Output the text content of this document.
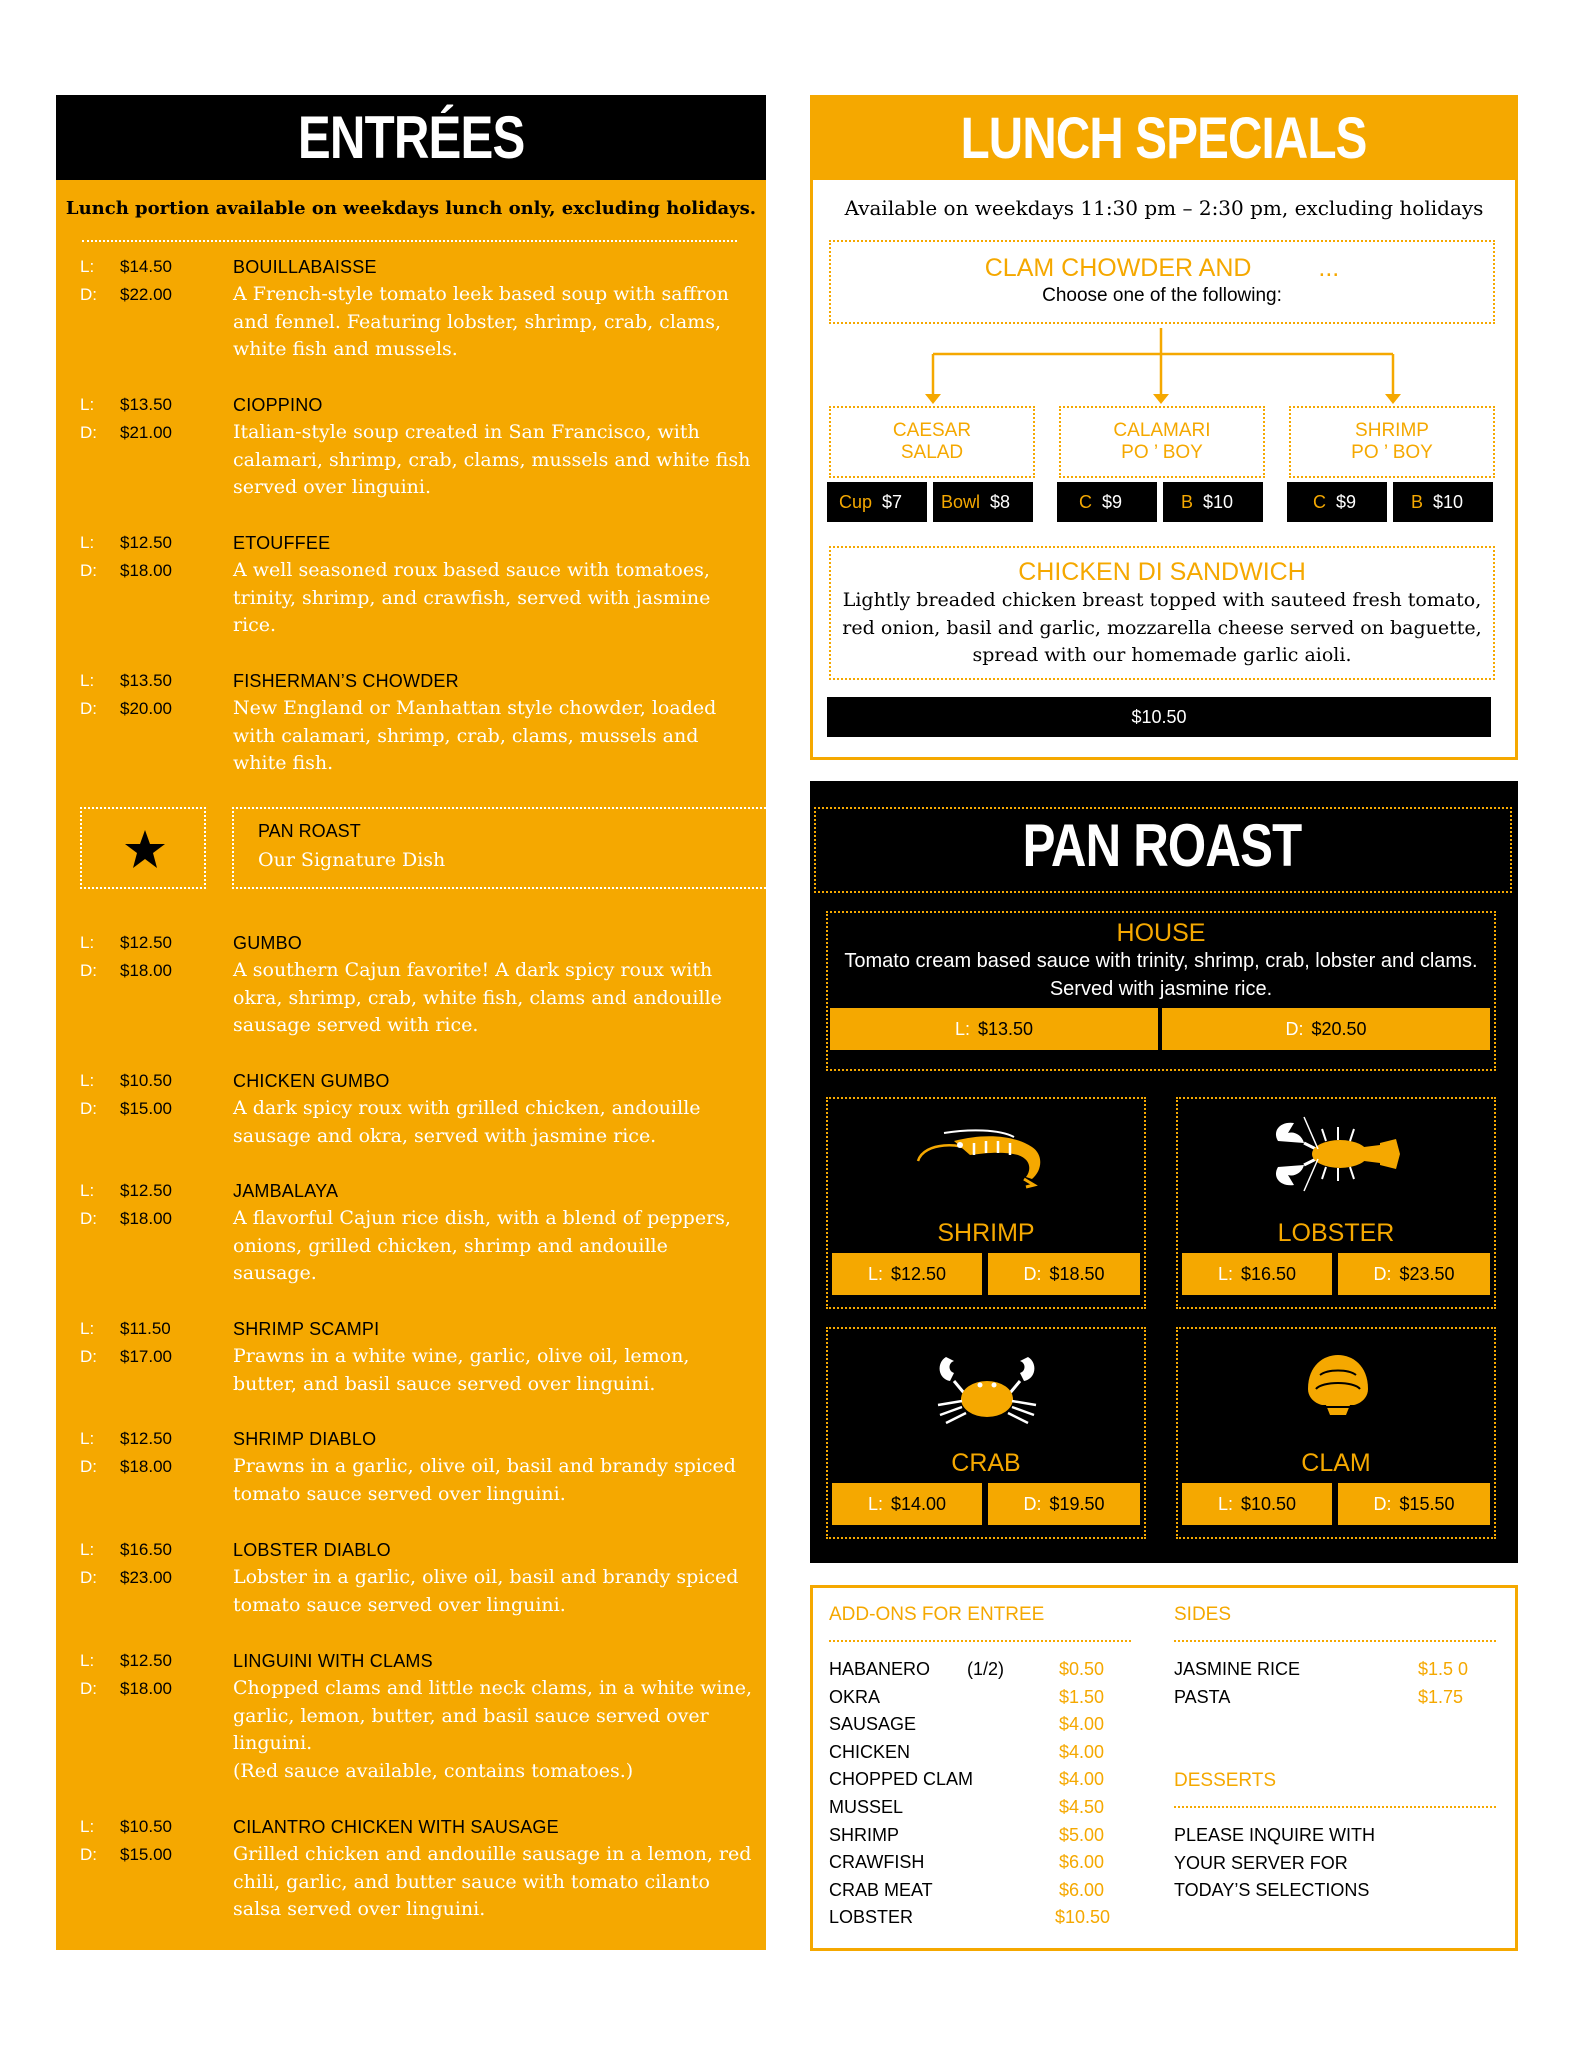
ENTRÉES
Lunch portion available on weekdays lunch only, excluding holidays.
L: $14.50
D: $22.00
BOUILLABAISSE
A French-style tomato leek based soup with saffron and fennel. Featuring lobster, shrimp, crab, clams, white fish and mussels.
L: $13.50
D: $21.00
CIOPPINO
Italian-style soup created in San Francisco, with calamari, shrimp, crab, clams, mussels and white fish served over linguini.
L: $12.50
D: $18.00
ETOUFFEE
A well seasoned roux based sauce with tomatoes, trinity, shrimp, and crawfish, served with jasmine rice.
L: $13.50
D: $20.00
FISHERMAN’S CHOWDER
New England or Manhattan style chowder, loaded with calamari, shrimp, crab, clams, mussels and white fish.
PAN ROAST
Our Signature Dish
L: $12.50
D: $18.00
GUMBO
A southern Cajun favorite! A dark spicy roux with okra, shrimp, crab, white fish, clams and andouille sausage served with rice.
L: $10.50
D: $15.00
CHICKEN GUMBO
A dark spicy roux with grilled chicken, andouille sausage and okra, served with jasmine rice.
L: $12.50
D: $18.00
JAMBALAYA
A flavorful Cajun rice dish, with a blend of peppers, onions, grilled chicken, shrimp and andouille sausage.
L: $11.50
D: $17.00
SHRIMP SCAMPI
Prawns in a white wine, garlic, olive oil, lemon, butter, and basil sauce served over linguini.
L: $12.50
D: $18.00
SHRIMP DIABLO
Prawns in a garlic, olive oil, basil and brandy spiced tomato sauce served over linguini.
L: $16.50
D: $23.00
LOBSTER DIABLO
Lobster in a garlic, olive oil, basil and brandy spiced tomato sauce served over linguini.
L: $12.50
D: $18.00
LINGUINI WITH CLAMS
Chopped clams and little neck clams, in a white wine, garlic, lemon, butter, and basil sauce served over linguini.
(Red sauce available, contains tomatoes.)
L: $10.50
D: $15.00
CILANTRO CHICKEN WITH SAUSAGE
Grilled chicken and andouille sausage in a lemon, red chili, garlic, and butter sauce with tomato cilanto salsa served over linguini.
LUNCH SPECIALS
Available on weekdays 11:30 pm – 2:30 pm, excluding holidays
CLAM CHOWDER AND	...
Choose one of the following:
CAESAR
SALAD
CALAMARI
PO ’ BOY
SHRIMP
PO ’ BOY
Cup $7	Bowl $8	C $9	B $10	C $9	B $10
CHICKEN DI SANDWICH
Lightly breaded chicken breast topped with sauteed fresh tomato, red onion, basil and garlic, mozzarella cheese served on baguette, spread with our homemade garlic aioli.
$10.50
PAN ROAST
HOUSE
Tomato cream based sauce with trinity, shrimp, crab, lobster and clams. Served with jasmine rice.
L: $13.50	D: $20.50
SHRIMP
L: $12.50	D: $18.50
LOBSTER
L: $16.50	D: $23.50
CRAB
L: $14.00	D: $19.50
CLAM
L: $10.50	D: $15.50
ADD-ONS FOR ENTREE	SIDES
HABANERO (1/2)	$0.50
OKRA	$1.50
SAUSAGE	$4.00
CHICKEN	$4.00
CHOPPED CLAM	$4.00
MUSSEL	$4.50
SHRIMP	$5.00
CRAWFISH	$6.00
CRAB MEAT	$6.00
LOBSTER	$10.50
JASMINE RICE	$1.5 0
PASTA	$1.75
DESSERTS
PLEASE INQUIRE WITH
YOUR SERVER FOR
TODAY’S SELECTIONS
